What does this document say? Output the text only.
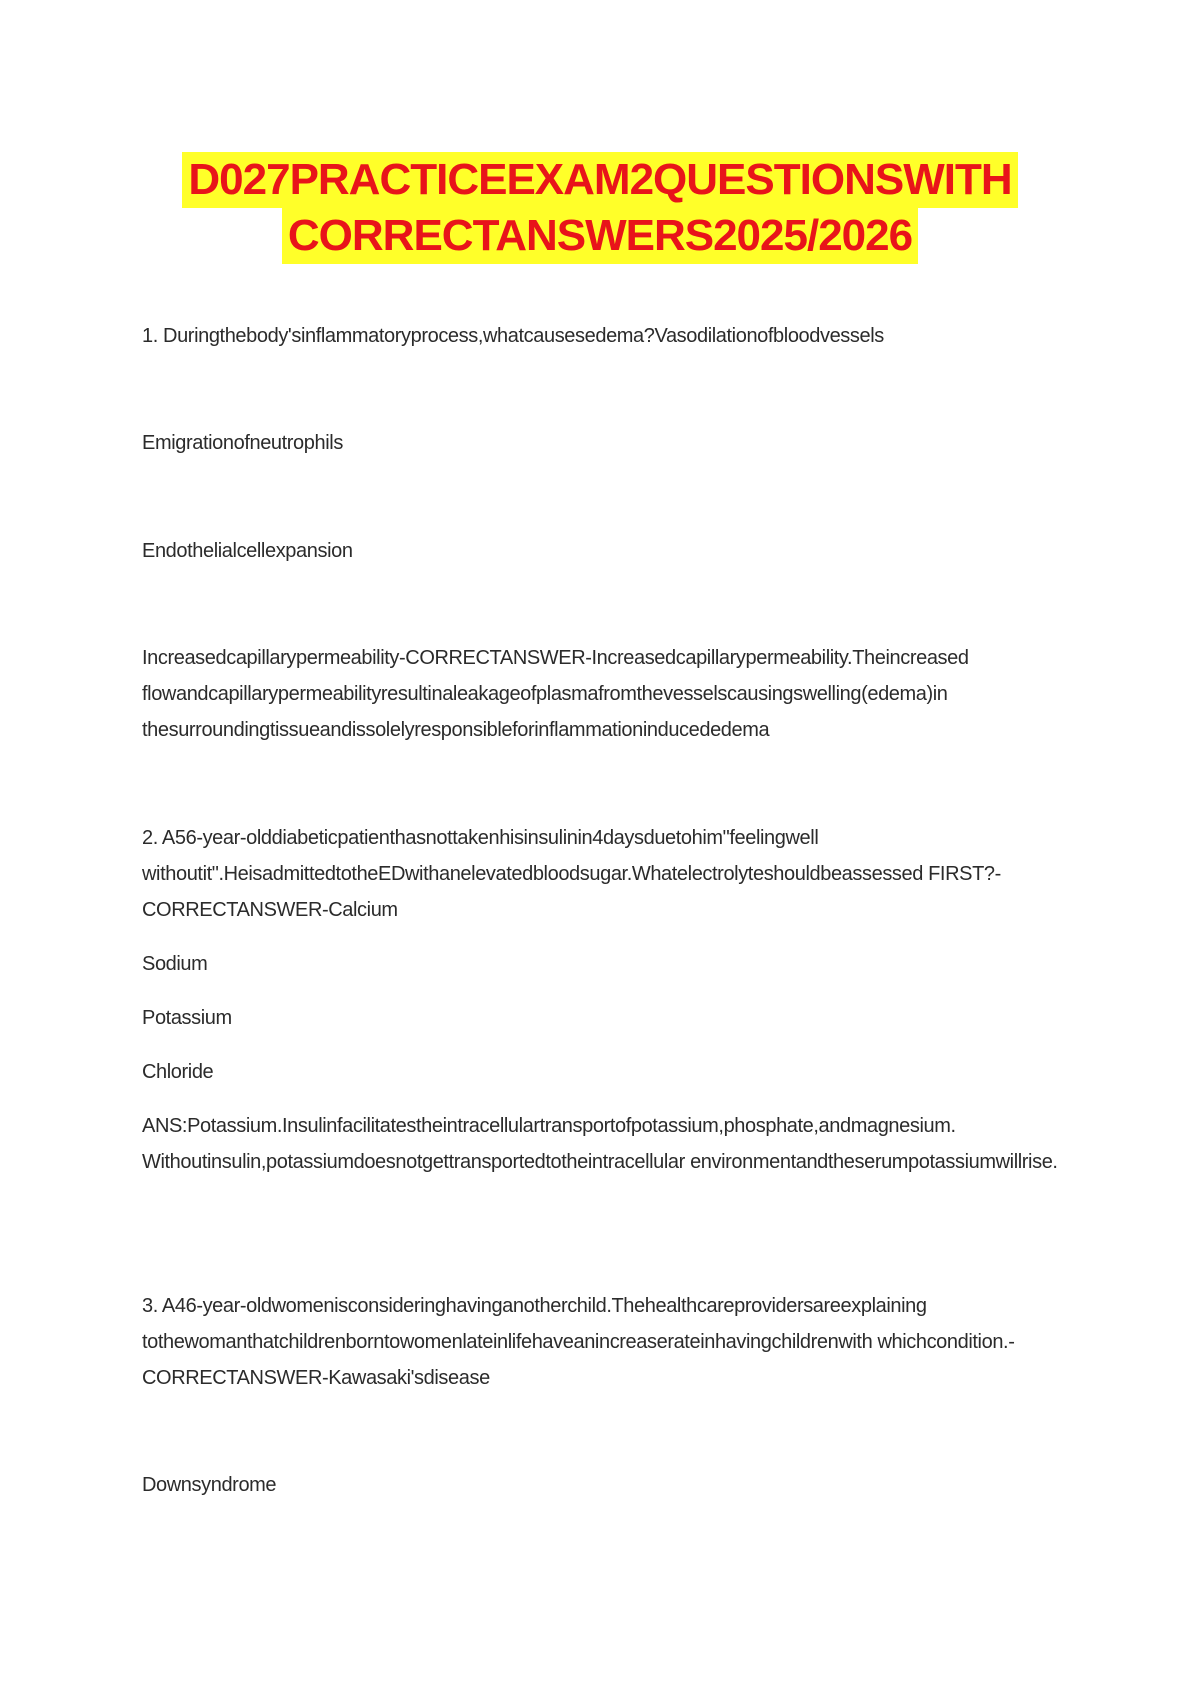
D027PRACTICEEXAM2QUESTIONSWITH
CORRECTANSWERS2025/2026

1. Duringthebody'sinflammatoryprocess,whatcausesedema?Vasodilationofbloodvessels

Emigrationofneutrophils

Endothelialcellexpansion

Increasedcapillarypermeability-CORRECTANSWER-Increasedcapillarypermeability.Theincreased flowandcapillarypermeabilityresultinaleakageofplasmafromthevesselscausingswelling(edema)in thesurroundingtissueandissolelyresponsibleforinflammationinducededema

2. A56-year-olddiabeticpatienthasnottakenhisinsulinin4daysduetohim"feelingwell withoutit".HeisadmittedtotheEDwithanelevatedbloodsugar.Whatelectrolyteshouldbeassessed FIRST?-CORRECTANSWER-Calcium

Sodium

Potassium

Chloride

ANS:Potassium.Insulinfacilitatestheintracellulartransportofpotassium,phosphate,andmagnesium. Withoutinsulin,potassiumdoesnotgettransportedtotheintracellular environmentandtheserumpotassiumwillrise.

3. A46-year-oldwomenisconsideringhavinganotherchild.Thehealthcareprovidersareexplaining tothewomanthatchildrenborntowomenlateinlifehaveanincreaserateinhavingchildrenwith whichcondition.-CORRECTANSWER-Kawasaki'sdisease

Downsyndrome
